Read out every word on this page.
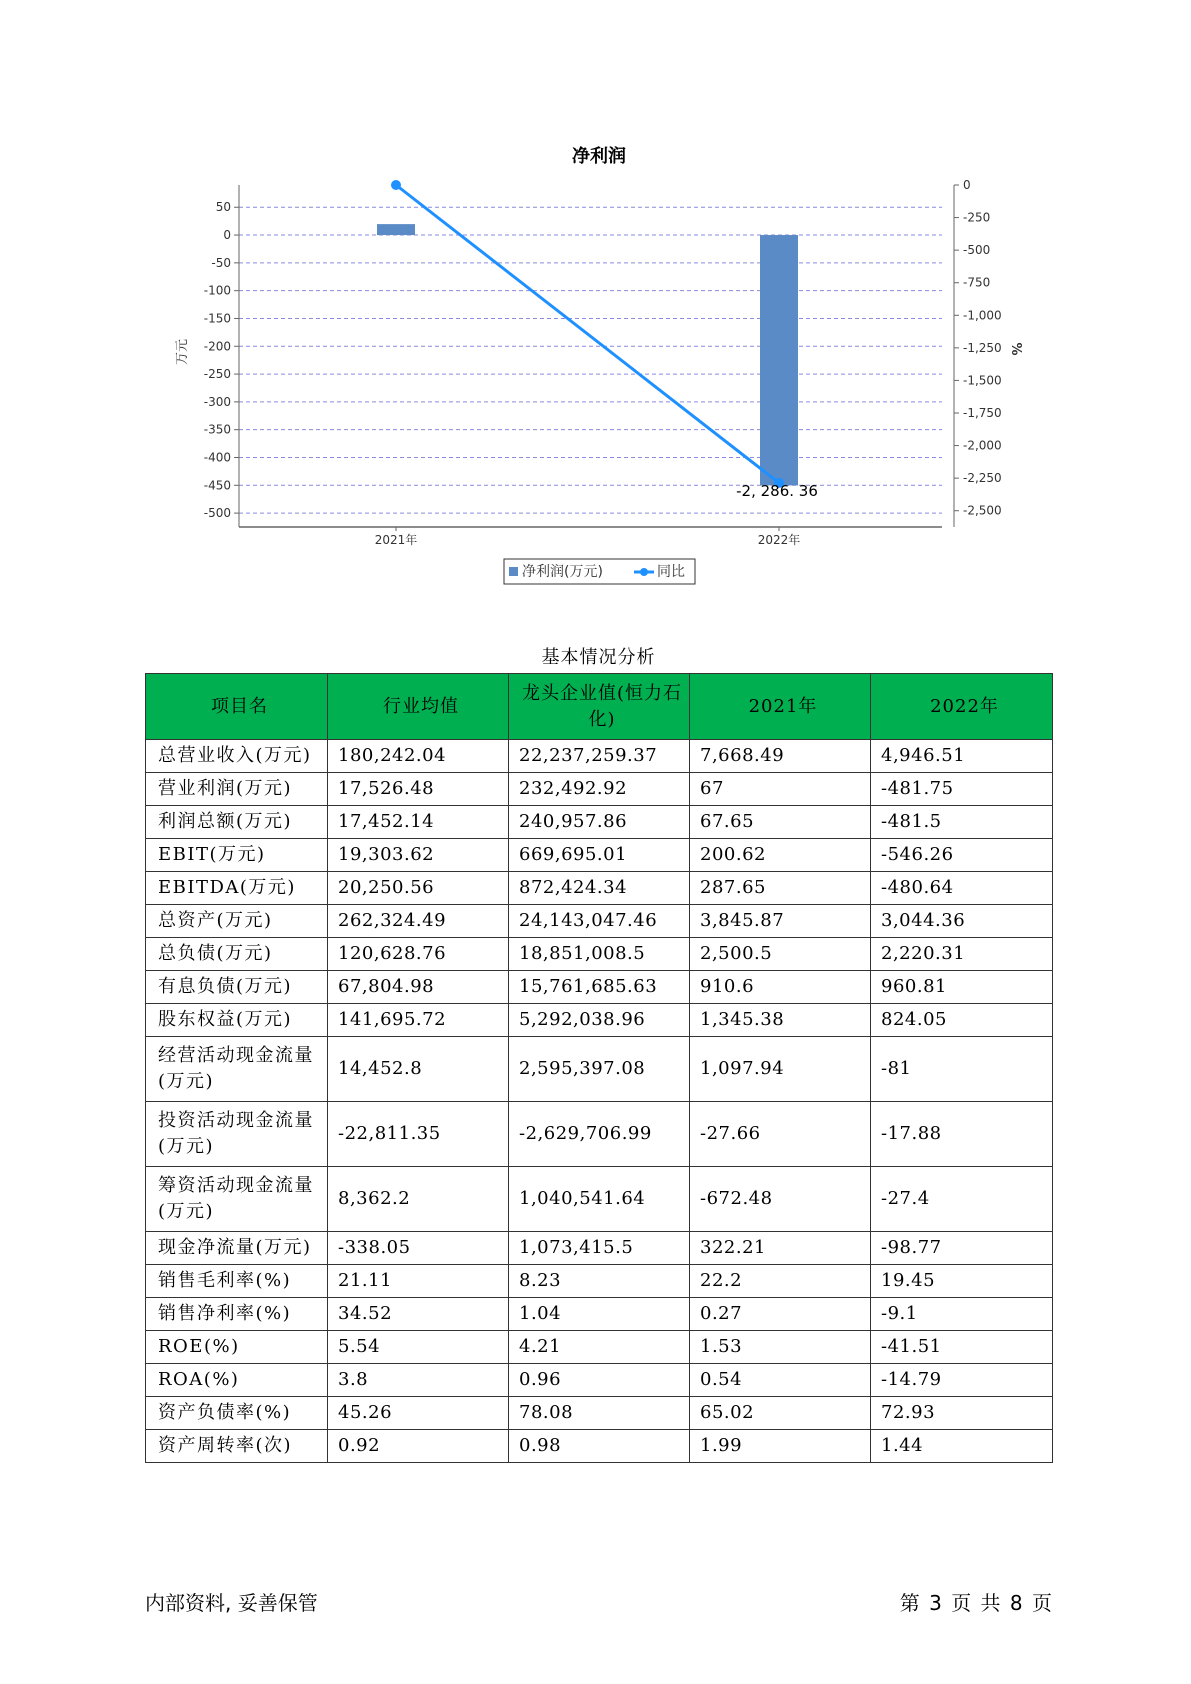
净利润
50
0
-50
-100
-150
-200
-250
-300
-350
-400
-450
-500
0
-250
-500
-750
-1,000
-1,250
-1,500
-1,750
-2,000
-2,250
-2,500
2021年	2022年
万元	%
-2, 286. 36
净利润(万元)	同比
基本情况分析
项目名	行业均值	龙头企业值(恒力石化)	2021年	2022年
总营业收入(万元)	180,242.04	22,237,259.37	7,668.49	4,946.51
营业利润(万元)	17,526.48	232,492.92	67	-481.75
利润总额(万元)	17,452.14	240,957.86	67.65	-481.5
EBIT(万元)	19,303.62	669,695.01	200.62	-546.26
EBITDA(万元)	20,250.56	872,424.34	287.65	-480.64
总资产(万元)	262,324.49	24,143,047.46	3,845.87	3,044.36
总负债(万元)	120,628.76	18,851,008.5	2,500.5	2,220.31
有息负债(万元)	67,804.98	15,761,685.63	910.6	960.81
股东权益(万元)	141,695.72	5,292,038.96	1,345.38	824.05
经营活动现金流量(万元)	14,452.8	2,595,397.08	1,097.94	-81
投资活动现金流量(万元)	-22,811.35	-2,629,706.99	-27.66	-17.88
筹资活动现金流量(万元)	8,362.2	1,040,541.64	-672.48	-27.4
现金净流量(万元)	-338.05	1,073,415.5	322.21	-98.77
销售毛利率(%)	21.11	8.23	22.2	19.45
销售净利率(%)	34.52	1.04	0.27	-9.1
ROE(%)	5.54	4.21	1.53	-41.51
ROA(%)	3.8	0.96	0.54	-14.79
资产负债率(%)	45.26	78.08	65.02	72.93
资产周转率(次)	0.92	0.98	1.99	1.44
内部资料, 妥善保管	第 3 页 共 8 页
